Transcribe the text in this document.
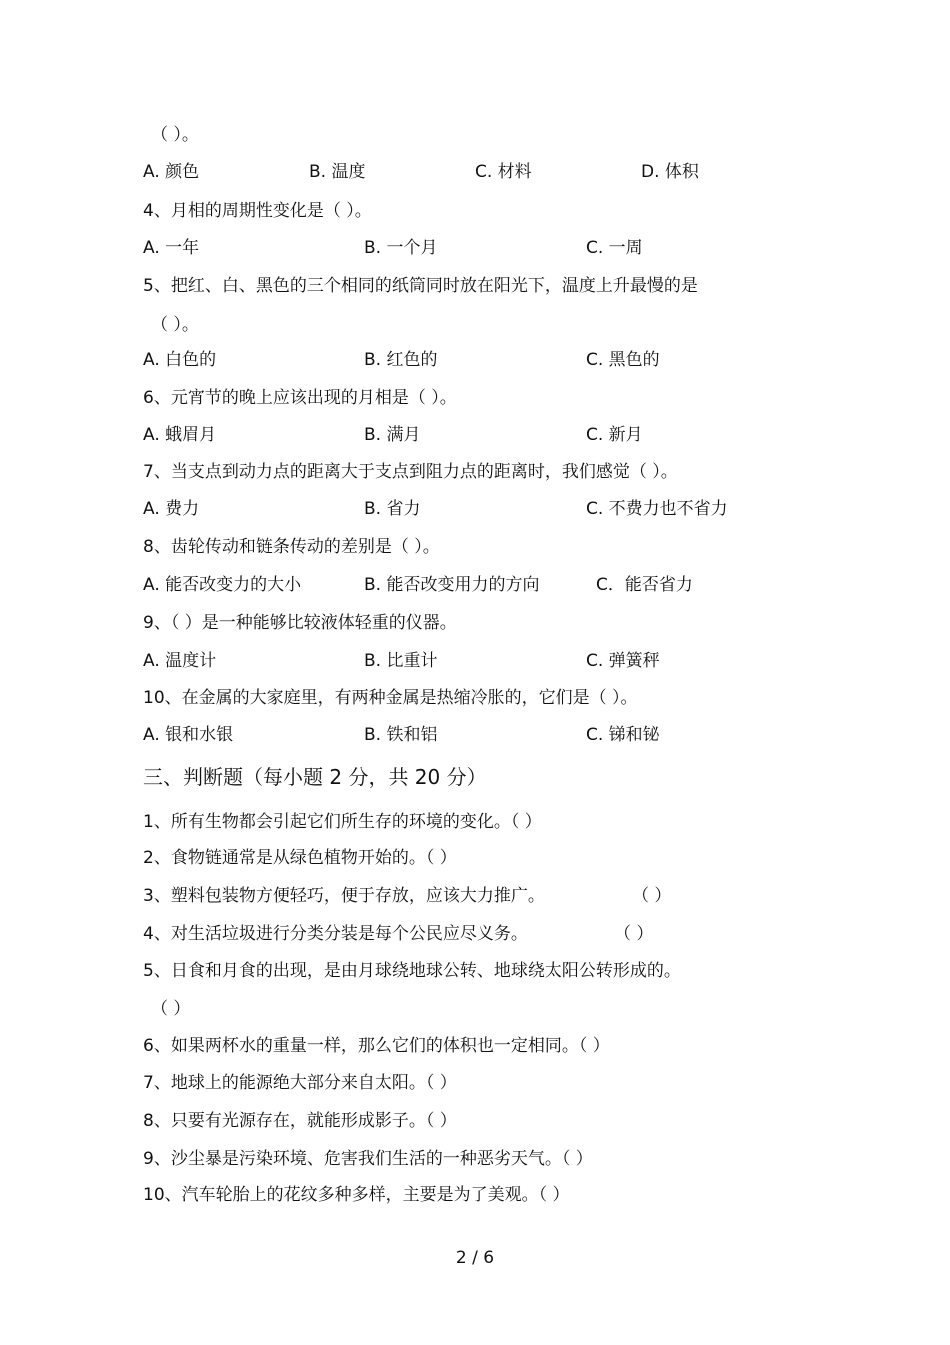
（ ）。
A. 颜色	B. 温度	C. 材料	D. 体积
4、月相的周期性变化是（ ）。
A. 一年	B. 一个月	C. 一周
5、把红、白、黑色的三个相同的纸筒同时放在阳光下，温度上升最慢的是
（ ）。
A. 白色的	B. 红色的	C. 黑色的
6、元宵节的晚上应该出现的月相是（ ）。
A. 蛾眉月	B. 满月	C. 新月
7、当支点到动力点的距离大于支点到阻力点的距离时，我们感觉（ ）。
A. 费力	B. 省力	C. 不费力也不省力
8、齿轮传动和链条传动的差别是（ ）。
A. 能否改变力的大小	B. 能否改变用力的方向	C．能否省力
9、（ ）是一种能够比较液体轻重的仪器。
A. 温度计	B. 比重计	C. 弹簧秤
10、在金属的大家庭里，有两种金属是热缩冷胀的，它们是（ ）。
A. 银和水银	B. 铁和铝	C. 锑和铋
三、判断题（每小题 2 分，共 20 分）
1、所有生物都会引起它们所生存的环境的变化。（ ）
2、食物链通常是从绿色植物开始的。（ ）
3、塑料包装物方便轻巧，便于存放，应该大力推广。	（ ）
4、对生活垃圾进行分类分装是每个公民应尽义务。	（ ）
5、日食和月食的出现，是由月球绕地球公转、地球绕太阳公转形成的。
（ ）
6、如果两杯水的重量一样，那么它们的体积也一定相同。（ ）
7、地球上的能源绝大部分来自太阳。（ ）
8、只要有光源存在，就能形成影子。（ ）
9、沙尘暴是污染环境、危害我们生活的一种恶劣天气。（ ）
10、汽车轮胎上的花纹多种多样，主要是为了美观。（ ）
2 / 6
